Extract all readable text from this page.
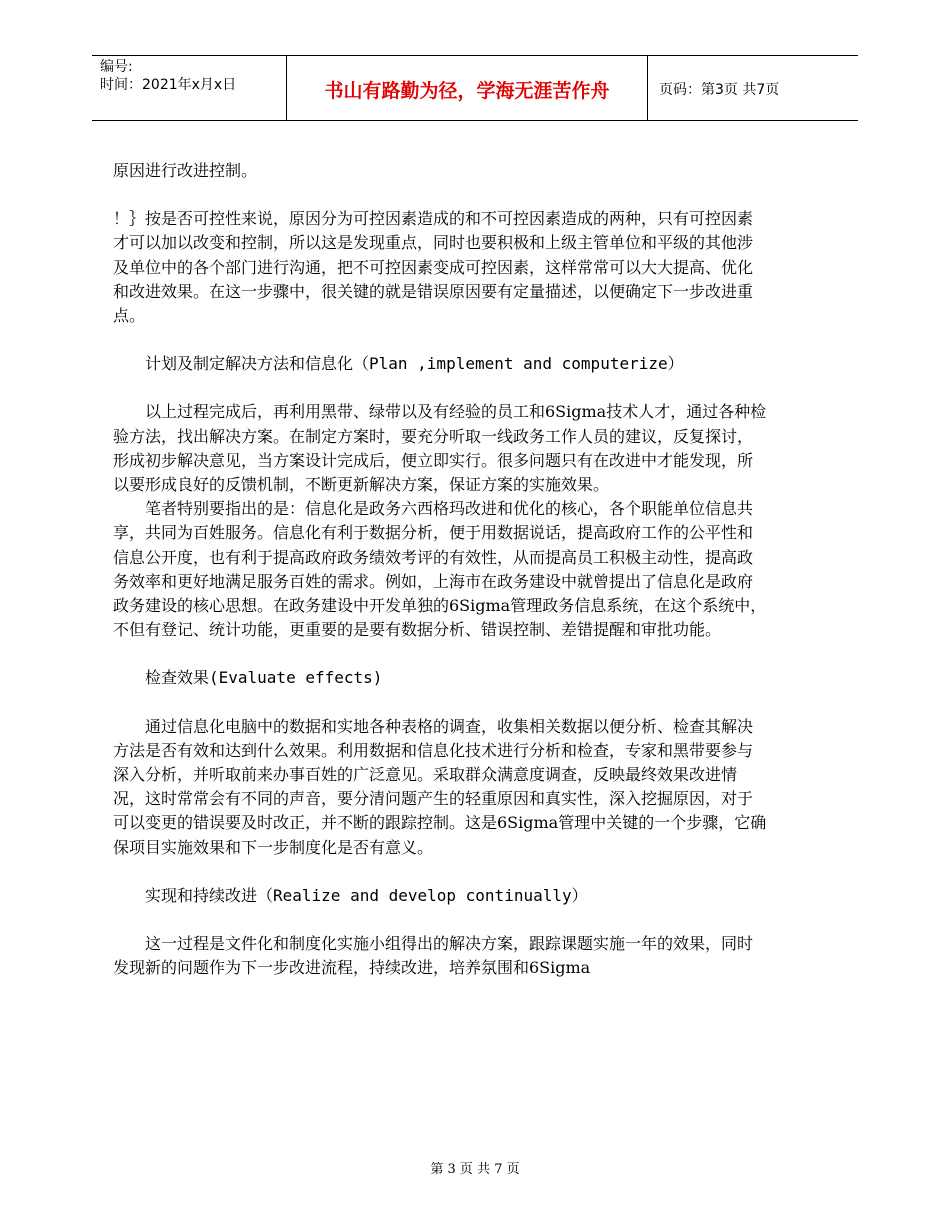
编号:
时间：2021年x月x日	书山有路勤为径，学海无涯苦作舟	页码：第3页 共7页

原因进行改进控制。

！｝按是否可控性来说，原因分为可控因素造成的和不可控因素造成的两种，只有可控因素才可以加以改变和控制，所以这是发现重点，同时也要积极和上级主管单位和平级的其他涉及单位中的各个部门进行沟通，把不可控因素变成可控因素，这样常常可以大大提高、优化和改进效果。在这一步骤中，很关键的就是错误原因要有定量描述，以便确定下一步改进重点。

计划及制定解决方法和信息化（Plan ,implement and computerize）

以上过程完成后，再利用黑带、绿带以及有经验的员工和6Sigma技术人才，通过各种检验方法，找出解决方案。在制定方案时，要充分听取一线政务工作人员的建议，反复探讨，形成初步解决意见，当方案设计完成后，便立即实行。很多问题只有在改进中才能发现，所以要形成良好的反馈机制，不断更新解决方案，保证方案的实施效果。

笔者特别要指出的是：信息化是政务六西格玛改进和优化的核心，各个职能单位信息共享，共同为百姓服务。信息化有利于数据分析，便于用数据说话，提高政府工作的公平性和信息公开度，也有利于提高政府政务绩效考评的有效性，从而提高员工积极主动性，提高政务效率和更好地满足服务百姓的需求。例如，上海市在政务建设中就曾提出了信息化是政府政务建设的核心思想。在政务建设中开发单独的6Sigma管理政务信息系统，在这个系统中，不但有登记、统计功能，更重要的是要有数据分析、错误控制、差错提醒和审批功能。

检查效果(Evaluate effects)

通过信息化电脑中的数据和实地各种表格的调查，收集相关数据以便分析、检查其解决方法是否有效和达到什么效果。利用数据和信息化技术进行分析和检查，专家和黑带要参与深入分析，并听取前来办事百姓的广泛意见。采取群众满意度调查，反映最终效果改进情况，这时常常会有不同的声音，要分清问题产生的轻重原因和真实性，深入挖掘原因，对于可以变更的错误要及时改正，并不断的跟踪控制。这是6Sigma管理中关键的一个步骤，它确保项目实施效果和下一步制度化是否有意义。

实现和持续改进（Realize and develop continually）

这一过程是文件化和制度化实施小组得出的解决方案，跟踪课题实施一年的效果，同时发现新的问题作为下一步改进流程，持续改进，培养氛围和6Sigma

第 3 页 共 7 页
